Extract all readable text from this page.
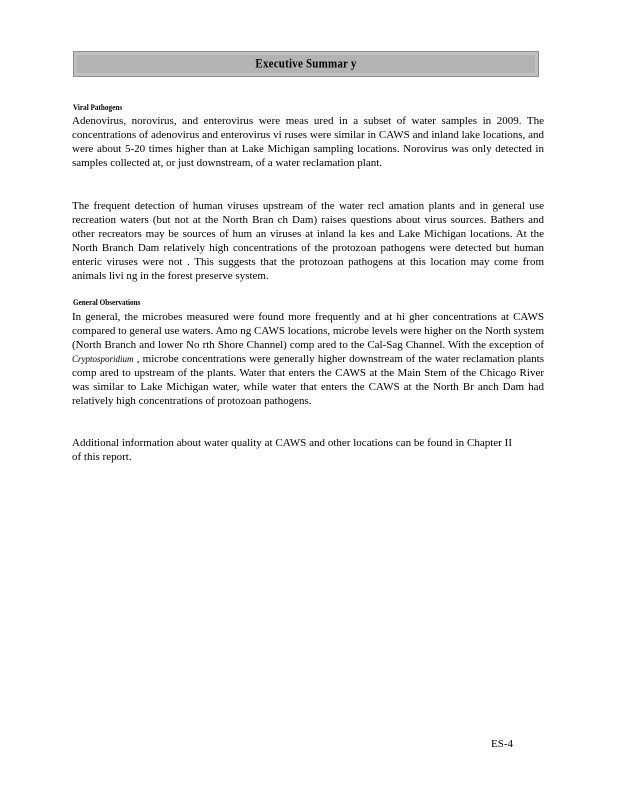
Executive Summar y
Viral Pathogens
Adenovirus, norovirus, and enterovirus were meas ured in a subset of water samples in 2009. The concentrations of adenovirus and enterovirus vi ruses were similar in CAWS and inland lake locations, and were about 5-20 times higher than at Lake Michigan sampling locations. Norovirus was only detected in samples collected at, or just downstream, of a water reclamation plant.
The frequent detection of human viruses upstream of the water recl amation plants and in general use recreation waters (but not at the North Bran ch Dam) raises questions about virus sources. Bathers and other recreators may be sources of hum an viruses at inland la kes and Lake Michigan locations. At the North Branch Dam relatively high concentrations of the protozoan pathogens were detected but human enteric viruses were not . This suggests that the protozoan pathogens at this location may come from animals livi ng in the forest preserve system.
General Observations
In general, the microbes measured were found more frequently and at hi gher concentrations at CAWS compared to general use waters. Amo ng CAWS locations, microbe levels were higher on the North system (North Branch and lower No rth Shore Channel) comp ared to the Cal-Sag Channel. With the exception of Cryptosporidium , microbe concentrations were generally higher downstream of the water reclamation plants comp ared to upstream of the plants. Water that enters the CAWS at the Main Stem of the Chicago River was similar to Lake Michigan water, while water that enters the CAWS at the North Br anch Dam had relatively high concentrations of protozoan pathogens.
Additional information about water quality at CAWS and other locations can be found in Chapter II of this report.
ES-4
